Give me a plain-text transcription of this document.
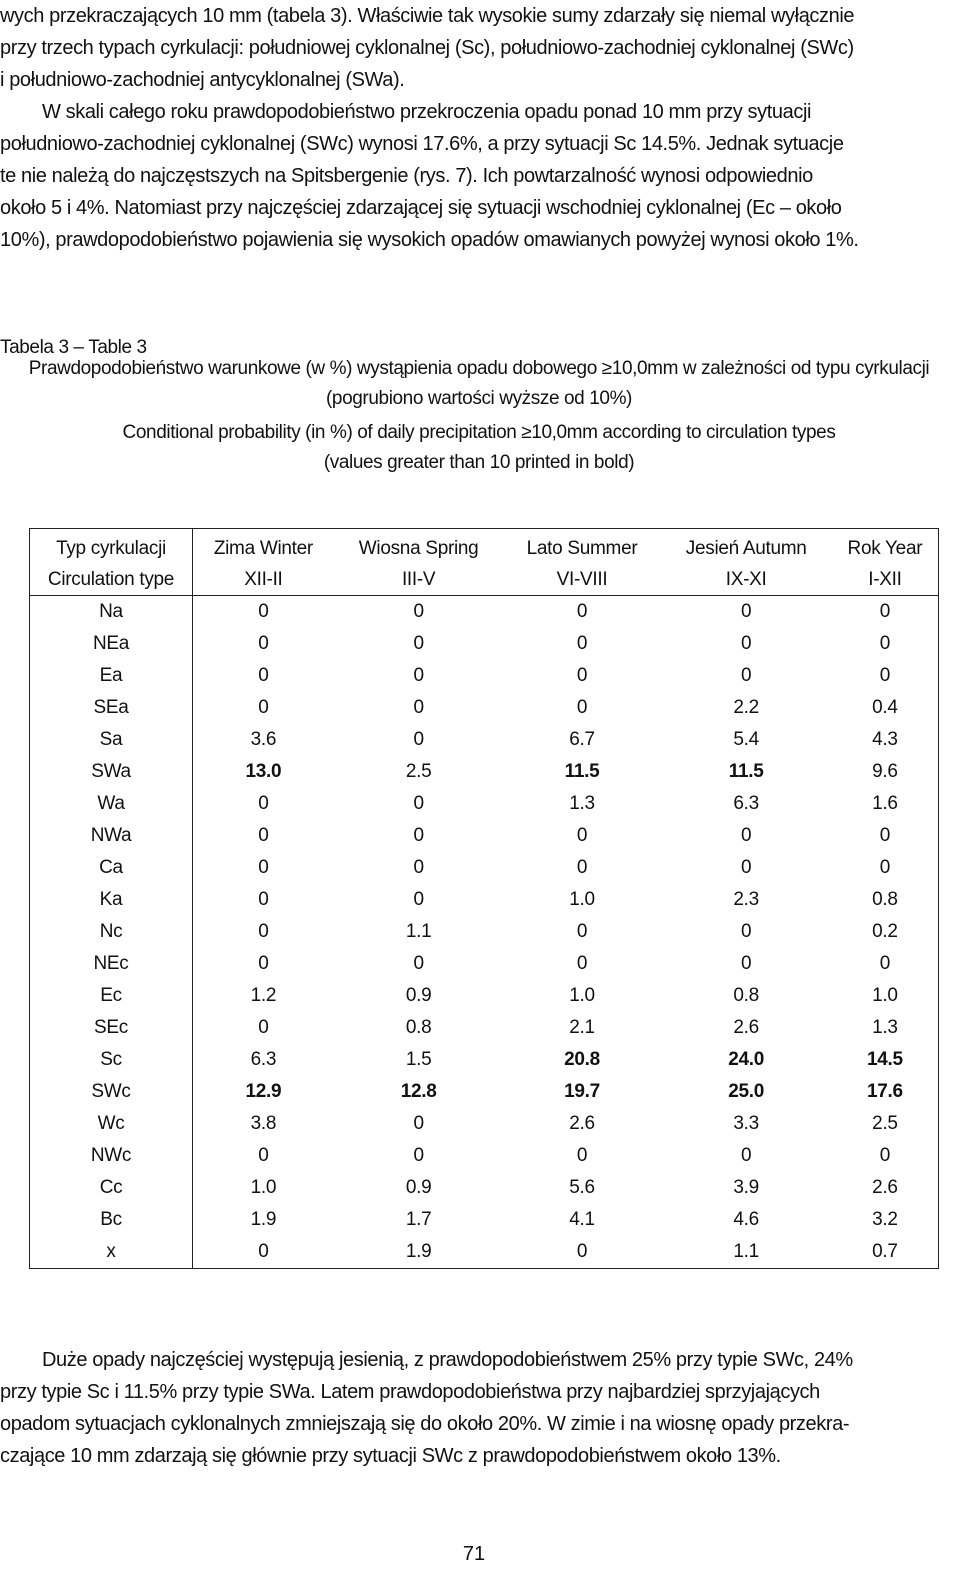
wych przekraczających 10 mm (tabela 3). Właściwie tak wysokie sumy zdarzały się niemal wyłącznie
przy trzech typach cyrkulacji: południowej cyklonalnej (Sc), południowo-zachodniej cyklonalnej (SWc)
i południowo-zachodniej antycyklonalnej (SWa).
W skali całego roku prawdopodobieństwo przekroczenia opadu ponad 10 mm przy sytuacji
południowo-zachodniej cyklonalnej (SWc) wynosi 17.6%, a przy sytuacji Sc 14.5%. Jednak sytuacje
te nie należą do najczęstszych na Spitsbergenie (rys. 7). Ich powtarzalność wynosi odpowiednio
około 5 i 4%. Natomiast przy najczęściej zdarzającej się sytuacji wschodniej cyklonalnej (Ec – około
10%), prawdopodobieństwo pojawienia się wysokich opadów omawianych powyżej wynosi około 1%.
Tabela 3 – Table 3
Prawdopodobieństwo warunkowe (w %) wystąpienia opadu dobowego ≥10,0mm w zależności od typu cyrkulacji
(pogrubiono wartości wyższe od 10%)
Conditional probability (in %) of daily precipitation ≥10,0mm according to circulation types
(values greater than 10 printed in bold)
Typ cyrkulacji	Zima Winter	Wiosna Spring	Lato Summer	Jesień Autumn	Rok Year
Circulation type	XII-II	III-V	VI-VIII	IX-XI	I-XII
Na	0	0	0	0	0
NEa	0	0	0	0	0
Ea	0	0	0	0	0
SEa	0	0	0	2.2	0.4
Sa	3.6	0	6.7	5.4	4.3
SWa	13.0	2.5	11.5	11.5	9.6
Wa	0	0	1.3	6.3	1.6
NWa	0	0	0	0	0
Ca	0	0	0	0	0
Ka	0	0	1.0	2.3	0.8
Nc	0	1.1	0	0	0.2
NEc	0	0	0	0	0
Ec	1.2	0.9	1.0	0.8	1.0
SEc	0	0.8	2.1	2.6	1.3
Sc	6.3	1.5	20.8	24.0	14.5
SWc	12.9	12.8	19.7	25.0	17.6
Wc	3.8	0	2.6	3.3	2.5
NWc	0	0	0	0	0
Cc	1.0	0.9	5.6	3.9	2.6
Bc	1.9	1.7	4.1	4.6	3.2
x	0	1.9	0	1.1	0.7
Duże opady najczęściej występują jesienią, z prawdopodobieństwem 25% przy typie SWc, 24%
przy typie Sc i 11.5% przy typie SWa. Latem prawdopodobieństwa przy najbardziej sprzyjających
opadom sytuacjach cyklonalnych zmniejszają się do około 20%. W zimie i na wiosnę opady przekra-
czające 10 mm zdarzają się głównie przy sytuacji SWc z prawdopodobieństwem około 13%.
71
